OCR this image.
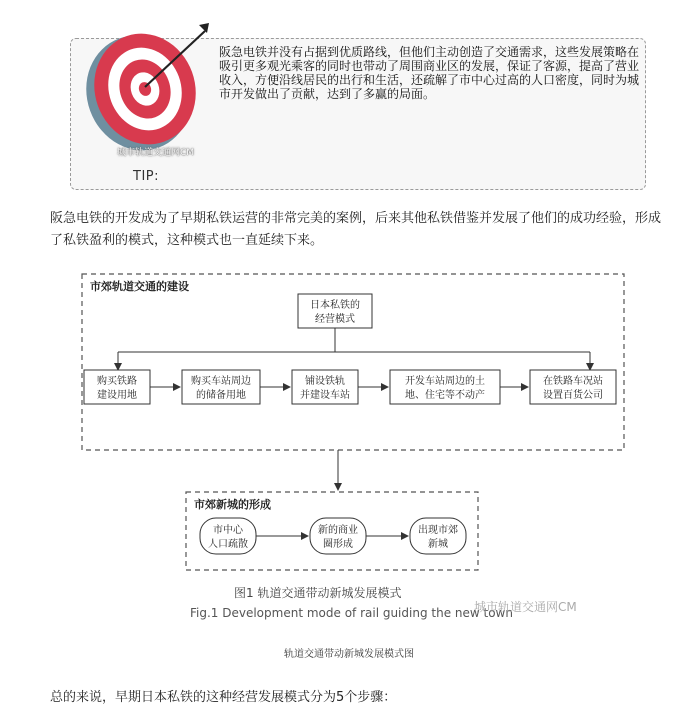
阪急电铁并没有占据到优质路线，但他们主动创造了交通需求，这些发展策略在吸引更多观光乘客的同时也带动了周围商业区的发展，保证了客源，提高了营业收入，方便沿线居民的出行和生活，还疏解了市中心过高的人口密度，同时为城市开发做出了贡献，达到了多赢的局面。
城市轨道交通网CM
TIP:
阪急电铁的开发成为了早期私铁运营的非常完美的案例，后来其他私铁借鉴并发展了他们的成功经验，形成了私铁盈利的模式，这种模式也一直延续下来。
市郊轨道交通的建设
日本私铁的
经营模式
购买铁路
建设用地
购买车站周边
的储备用地
铺设铁轨
并建设车站
开发车站周边的土
地、住宅等不动产
在铁路车况站
设置百货公司
市郊新城的形成
市中心
人口疏散
新的商业
圈形成
出现市郊
新城
图1 轨道交通带动新城发展模式
Fig.1 Development mode of rail guiding the new town
城市轨道交通网CM
轨道交通带动新城发展模式图
总的来说，早期日本私铁的这种经营发展模式分为5个步骤：
